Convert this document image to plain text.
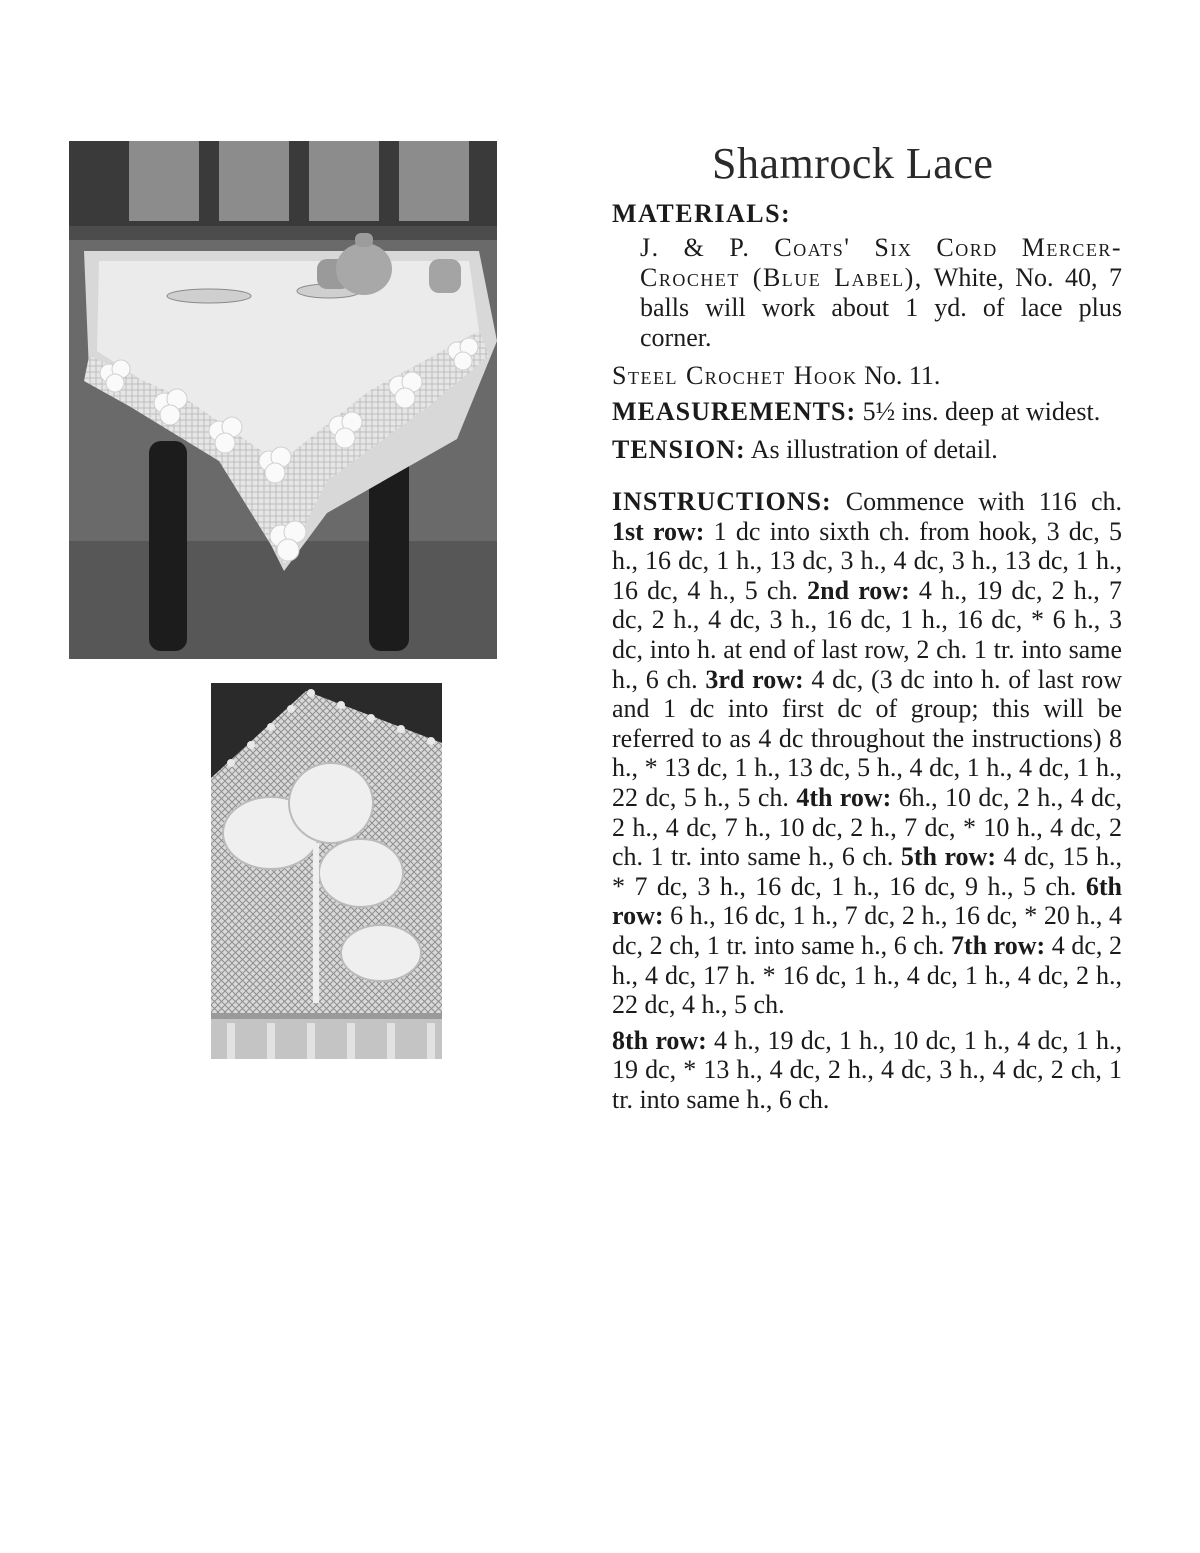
Shamrock Lace
MATERIALS:

J. & P. Coats' Six Cord Mercer-Crochet (Blue Label), White, No. 40, 7 balls will work about 1 yd. of lace plus corner.

Steel Crochet Hook No. 11.

MEASUREMENTS: 5½ ins. deep at widest.

TENSION: As illustration of detail.

INSTRUCTIONS: Commence with 116 ch. 1st row: 1 dc into sixth ch. from hook, 3 dc, 5 h., 16 dc, 1 h., 13 dc, 3 h., 4 dc, 3 h., 13 dc, 1 h., 16 dc, 4 h., 5 ch. 2nd row: 4 h., 19 dc, 2 h., 7 dc, 2 h., 4 dc, 3 h., 16 dc, 1 h., 16 dc, * 6 h., 3 dc, into h. at end of last row, 2 ch. 1 tr. into same h., 6 ch. 3rd row: 4 dc, (3 dc into h. of last row and 1 dc into first dc of group; this will be referred to as 4 dc throughout the instructions) 8 h., * 13 dc, 1 h., 13 dc, 5 h., 4 dc, 1 h., 4 dc, 1 h., 22 dc, 5 h., 5 ch. 4th row: 6h., 10 dc, 2 h., 4 dc, 2 h., 4 dc, 7 h., 10 dc, 2 h., 7 dc, * 10 h., 4 dc, 2 ch. 1 tr. into same h., 6 ch. 5th row: 4 dc, 15 h., * 7 dc, 3 h., 16 dc, 1 h., 16 dc, 9 h., 5 ch. 6th row: 6 h., 16 dc, 1 h., 7 dc, 2 h., 16 dc, * 20 h., 4 dc, 2 ch, 1 tr. into same h., 6 ch. 7th row: 4 dc, 2 h., 4 dc, 17 h. * 16 dc, 1 h., 4 dc, 1 h., 4 dc, 2 h., 22 dc, 4 h., 5 ch.

8th row: 4 h., 19 dc, 1 h., 10 dc, 1 h., 4 dc, 1 h., 19 dc, * 13 h., 4 dc, 2 h., 4 dc, 3 h., 4 dc, 2 ch, 1 tr. into same h., 6 ch.
